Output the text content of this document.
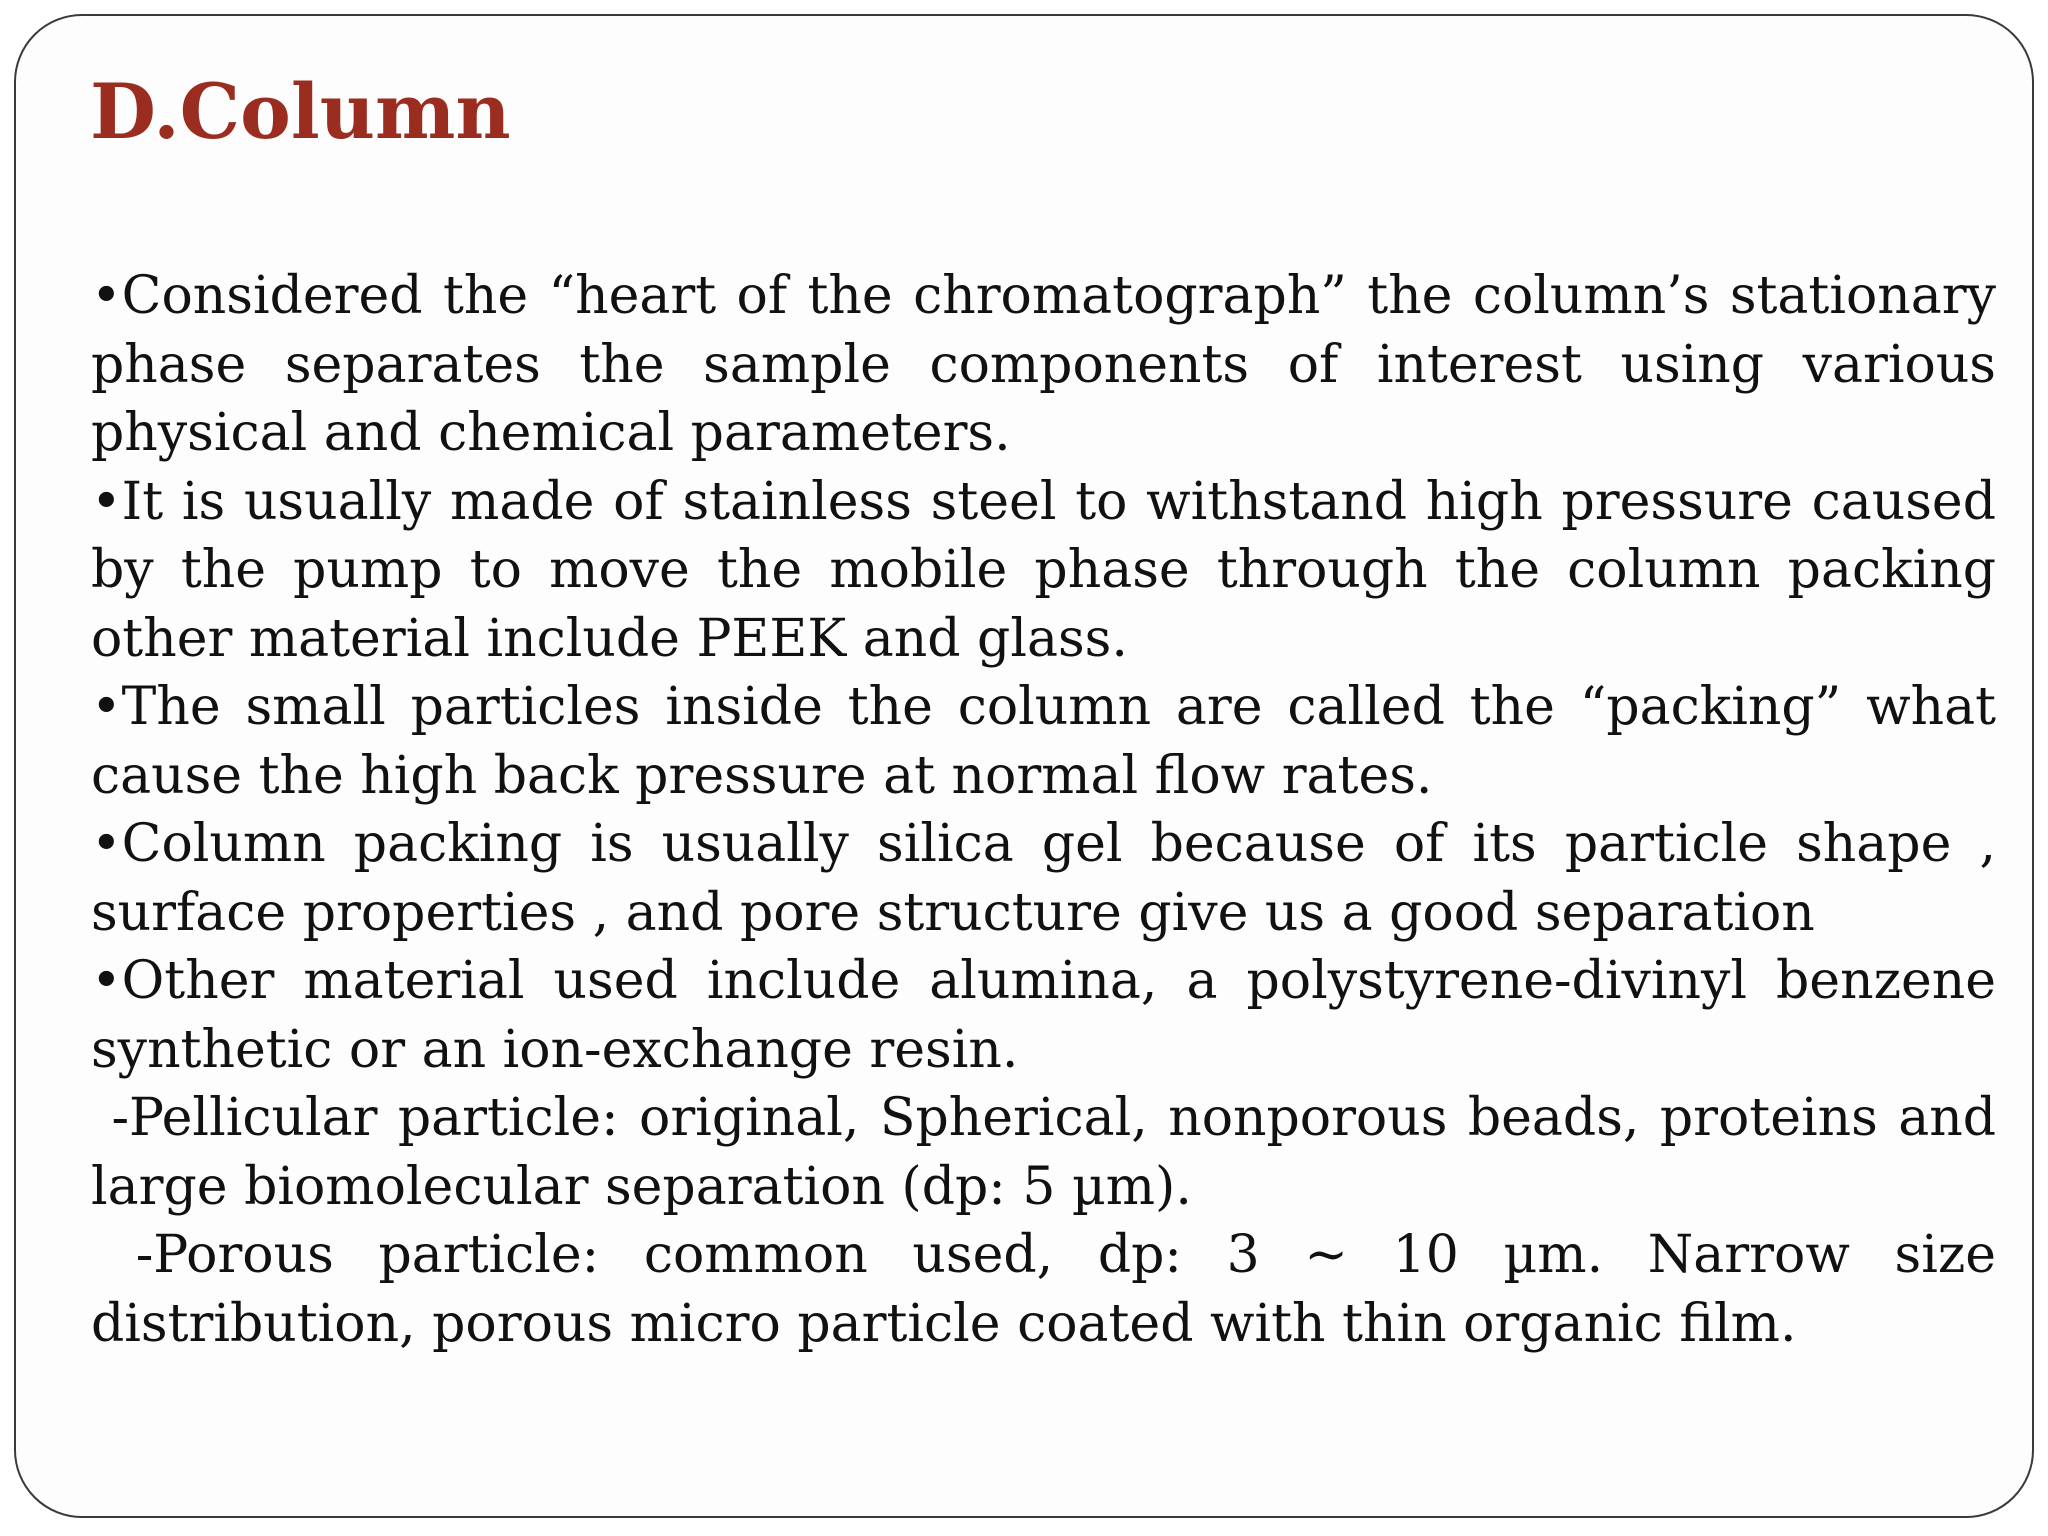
D.Column

•Considered the “heart of the chromatograph” the column’s stationary phase separates the sample components of interest using various physical and chemical parameters.

•It is usually made of stainless steel to withstand high pressure caused by the pump to move the mobile phase through the column packing other material include PEEK and glass.

•The small particles inside the column are called the “packing” what cause the high back pressure at normal flow rates.

•Column packing is usually silica gel because of its particle shape , surface properties , and pore structure give us a good separation

•Other material used include alumina, a polystyrene-divinyl benzene synthetic or an ion-exchange resin.

-Pellicular particle: original, Spherical, nonporous beads, proteins and large biomolecular separation (dp: 5 µm).

-Porous particle: common used, dp: 3 ~ 10 µm. Narrow size distribution, porous micro particle coated with thin organic film.
